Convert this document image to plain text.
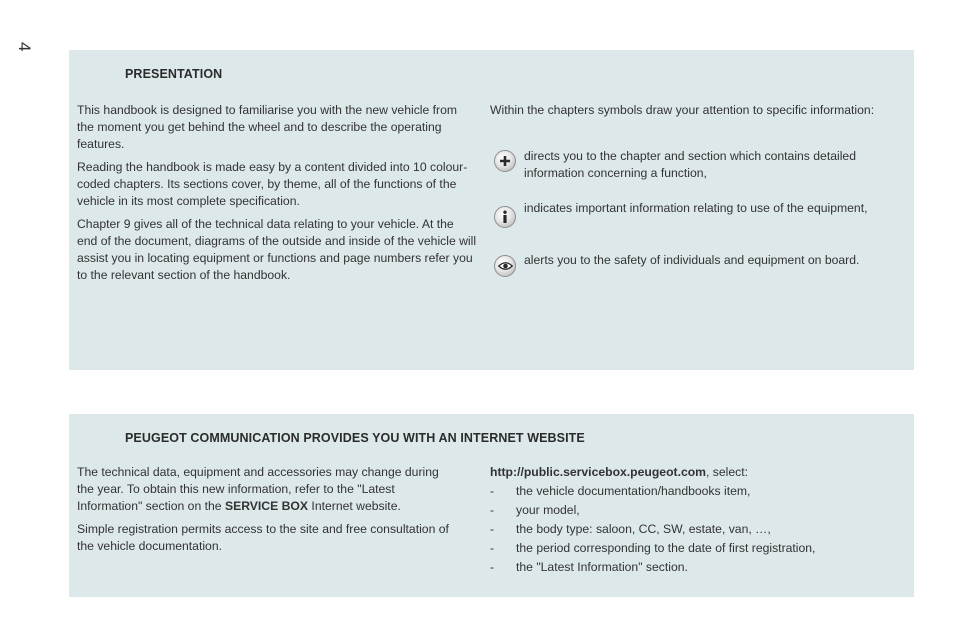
4
PRESENTATION

This handbook is designed to familiarise you with the new vehicle from the moment you get behind the wheel and to describe the operating features.

Reading the handbook is made easy by a content divided into 10 colour-coded chapters. Its sections cover, by theme, all of the functions of the vehicle in its most complete specification.

Chapter 9 gives all of the technical data relating to your vehicle. At the end of the document, diagrams of the outside and inside of the vehicle will assist you in locating equipment or functions and page numbers refer you to the relevant section of the handbook.

Within the chapters symbols draw your attention to specific information:

directs you to the chapter and section which contains detailed information concerning a function,
indicates important information relating to use of the equipment,
alerts you to the safety of individuals and equipment on board.
PEUGEOT COMMUNICATION PROVIDES YOU WITH AN INTERNET WEBSITE

The technical data, equipment and accessories may change during the year. To obtain this new information, refer to the "Latest Information" section on the SERVICE BOX Internet website.

Simple registration permits access to the site and free consultation of the vehicle documentation.

http://public.servicebox.peugeot.com, select:

- the vehicle documentation/handbooks item,
- your model,
- the body type: saloon, CC, SW, estate, van, …,
- the period corresponding to the date of first registration,
- the "Latest Information" section.
